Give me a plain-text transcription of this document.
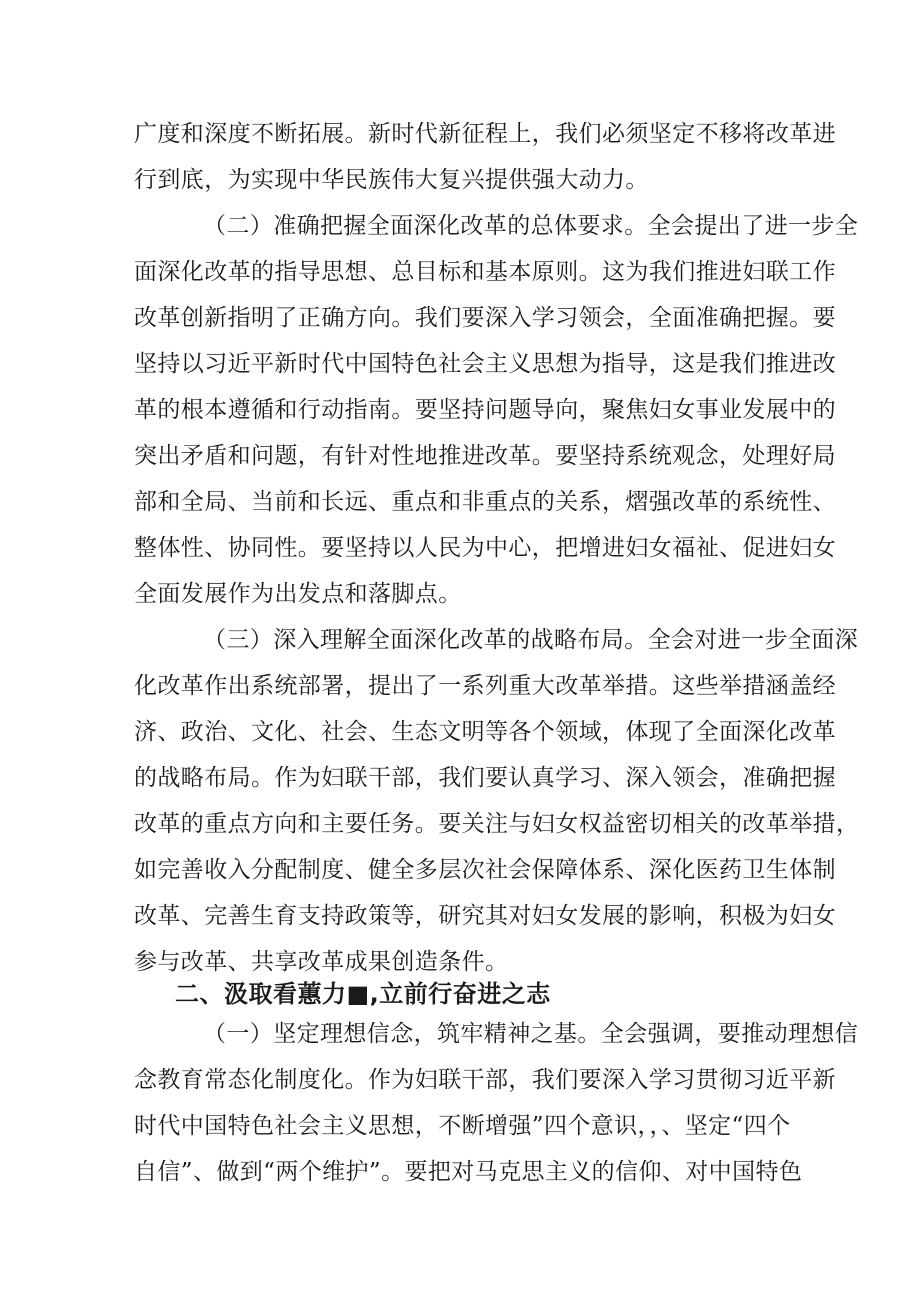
广度和深度不断拓展。新时代新征程上，我们必须坚定不移将改革进
行到底，为实现中华民族伟大复兴提供强大动力。
（二）准确把握全面深化改革的总体要求。全会提出了进一步全
面深化改革的指导思想、总目标和基本原则。这为我们推进妇联工作
改革创新指明了正确方向。我们要深入学习领会，全面准确把握。要
坚持以习近平新时代中国特色社会主义思想为指导，这是我们推进改
革的根本遵循和行动指南。要坚持问题导向，聚焦妇女事业发展中的
突出矛盾和问题，有针对性地推进改革。要坚持系统观念，处理好局
部和全局、当前和长远、重点和非重点的关系，熠强改革的系统性、
整体性、协同性。要坚持以人民为中心，把增进妇女福祉、促进妇女
全面发展作为出发点和落脚点。
（三）深入理解全面深化改革的战略布局。全会对进一步全面深
化改革作出系统部署，提出了一系列重大改革举措。这些举措涵盖经
济、政治、文化、社会、生态文明等各个领域，体现了全面深化改革
的战略布局。作为妇联干部，我们要认真学习、深入领会，准确把握
改革的重点方向和主要任务。要关注与妇女权益密切相关的改革举措，
如完善收入分配制度、健全多层次社会保障体系、深化医药卫生体制
改革、完善生育支持政策等，研究其对妇女发展的影响，积极为妇女
参与改革、共享改革成果创造条件。
二、汲取看蕙力■,立前行奋进之志
（一）坚定理想信念，筑牢精神之基。全会强调，要推动理想信
念教育常态化制度化。作为妇联干部，我们要深入学习贯彻习近平新
时代中国特色社会主义思想，不断增强”四个意识，，、坚定“四个
自信”、做到“两个维护”。要把对马克思主义的信仰、对中国特色
